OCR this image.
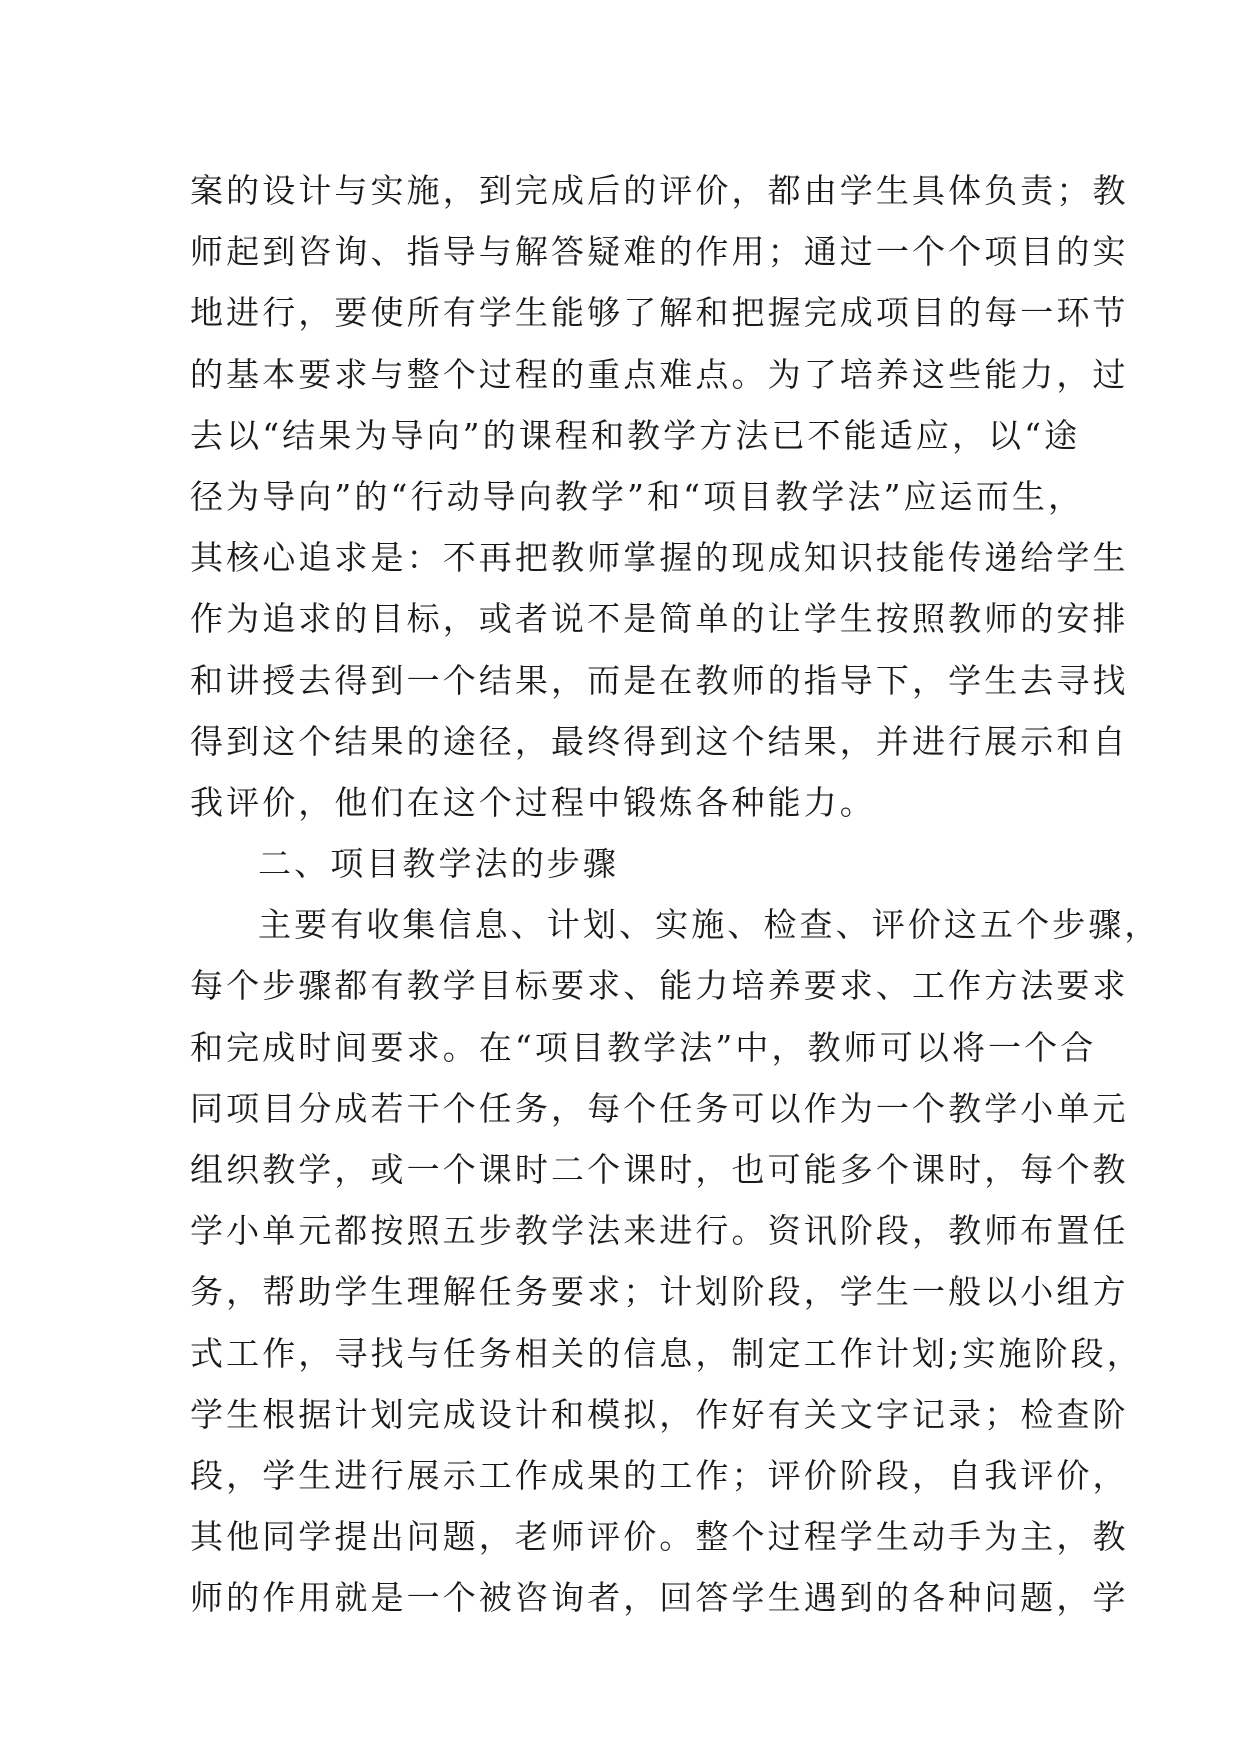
案的设计与实施，到完成后的评价，都由学生具体负责；教
师起到咨询、指导与解答疑难的作用；通过一个个项目的实
地进行，要使所有学生能够了解和把握完成项目的每一环节
的基本要求与整个过程的重点难点。为了培养这些能力，过
去以“结果为导向”的课程和教学方法已不能适应，以“途
径为导向”的“行动导向教学”和“项目教学法”应运而生，
其核心追求是：不再把教师掌握的现成知识技能传递给学生
作为追求的目标，或者说不是简单的让学生按照教师的安排
和讲授去得到一个结果，而是在教师的指导下，学生去寻找
得到这个结果的途径，最终得到这个结果，并进行展示和自
我评价，他们在这个过程中锻炼各种能力。
二、项目教学法的步骤
主要有收集信息、计划、实施、检查、评价这五个步骤，
每个步骤都有教学目标要求、能力培养要求、工作方法要求
和完成时间要求。在“项目教学法”中，教师可以将一个合
同项目分成若干个任务，每个任务可以作为一个教学小单元
组织教学，或一个课时二个课时，也可能多个课时，每个教
学小单元都按照五步教学法来进行。资讯阶段，教师布置任
务，帮助学生理解任务要求；计划阶段，学生一般以小组方
式工作，寻找与任务相关的信息，制定工作计划;实施阶段，
学生根据计划完成设计和模拟，作好有关文字记录；检查阶
段，学生进行展示工作成果的工作；评价阶段，自我评价，
其他同学提出问题，老师评价。整个过程学生动手为主，教
师的作用就是一个被咨询者，回答学生遇到的各种问题，学
